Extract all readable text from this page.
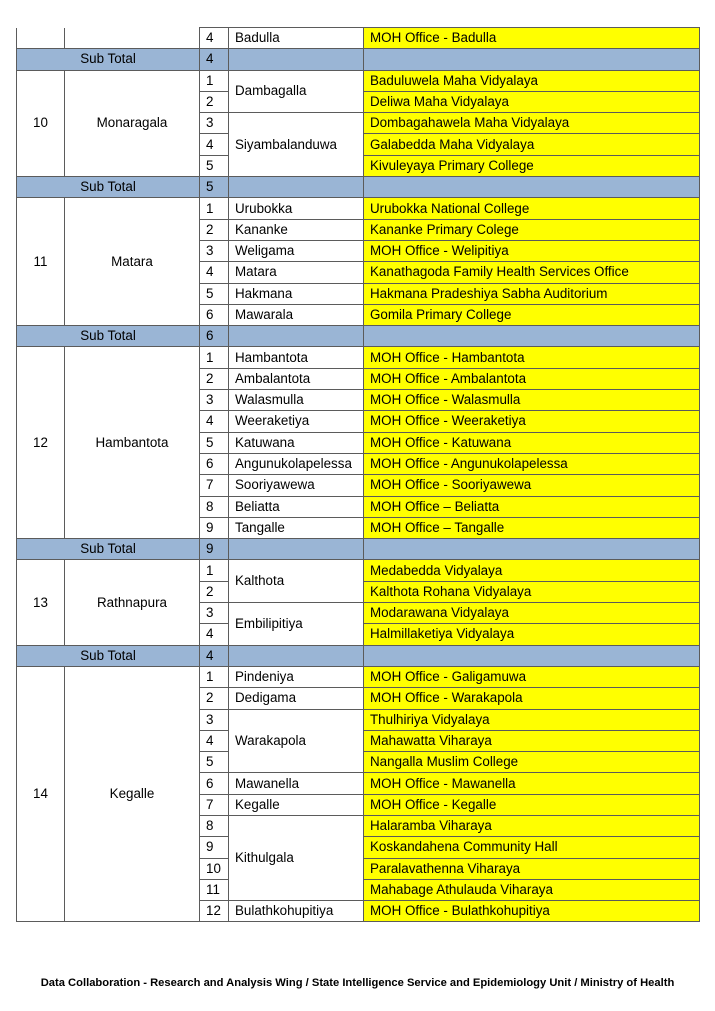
		4	Badulla	MOH Office - Badulla
Sub Total		4		
10	Monaragala	1	Dambagalla	Baduluwela Maha Vidyalaya
		2		Deliwa Maha Vidyalaya
		3	Siyambalanduwa	Dombagahawela Maha Vidyalaya
		4		Galabedda Maha Vidyalaya
		5		Kivuleyaya Primary College
Sub Total		5		
11	Matara	1	Urubokka	Urubokka National College
		2	Kananke	Kananke Primary Colege
		3	Weligama	MOH Office - Welipitiya
		4	Matara	Kanathagoda Family Health Services Office
		5	Hakmana	Hakmana Pradeshiya Sabha Auditorium
		6	Mawarala	Gomila Primary College
Sub Total		6		
12	Hambantota	1	Hambantota	MOH Office - Hambantota
		2	Ambalantota	MOH Office - Ambalantota
		3	Walasmulla	MOH Office - Walasmulla
		4	Weeraketiya	MOH Office - Weeraketiya
		5	Katuwana	MOH Office - Katuwana
		6	Angunukolapelessa	MOH Office - Angunukolapelessa
		7	Sooriyawewa	MOH Office - Sooriyawewa
		8	Beliatta	MOH Office – Beliatta
		9	Tangalle	MOH Office – Tangalle
Sub Total		9		
13	Rathnapura	1	Kalthota	Medabedda Vidyalaya
		2		Kalthota Rohana Vidyalaya
		3	Embilipitiya	Modarawana Vidyalaya
		4		Halmillaketiya Vidyalaya
Sub Total		4		
14	Kegalle	1	Pindeniya	MOH Office - Galigamuwa
		2	Dedigama	MOH Office - Warakapola
		3	Warakapola	Thulhiriya Vidyalaya
		4		Mahawatta Viharaya
		5		Nangalla Muslim College
		6	Mawanella	MOH Office - Mawanella
		7	Kegalle	MOH Office - Kegalle
		8	Kithulgala	Halaramba Viharaya
		9		Koskandahena Community Hall
		10		Paralavathenna Viharaya
		11		Mahabage Athulauda Viharaya
		12	Bulathkohupitiya	MOH Office - Bulathkohupitiya
Data Collaboration - Research and Analysis Wing / State Intelligence Service and Epidemiology Unit / Ministry of Health
